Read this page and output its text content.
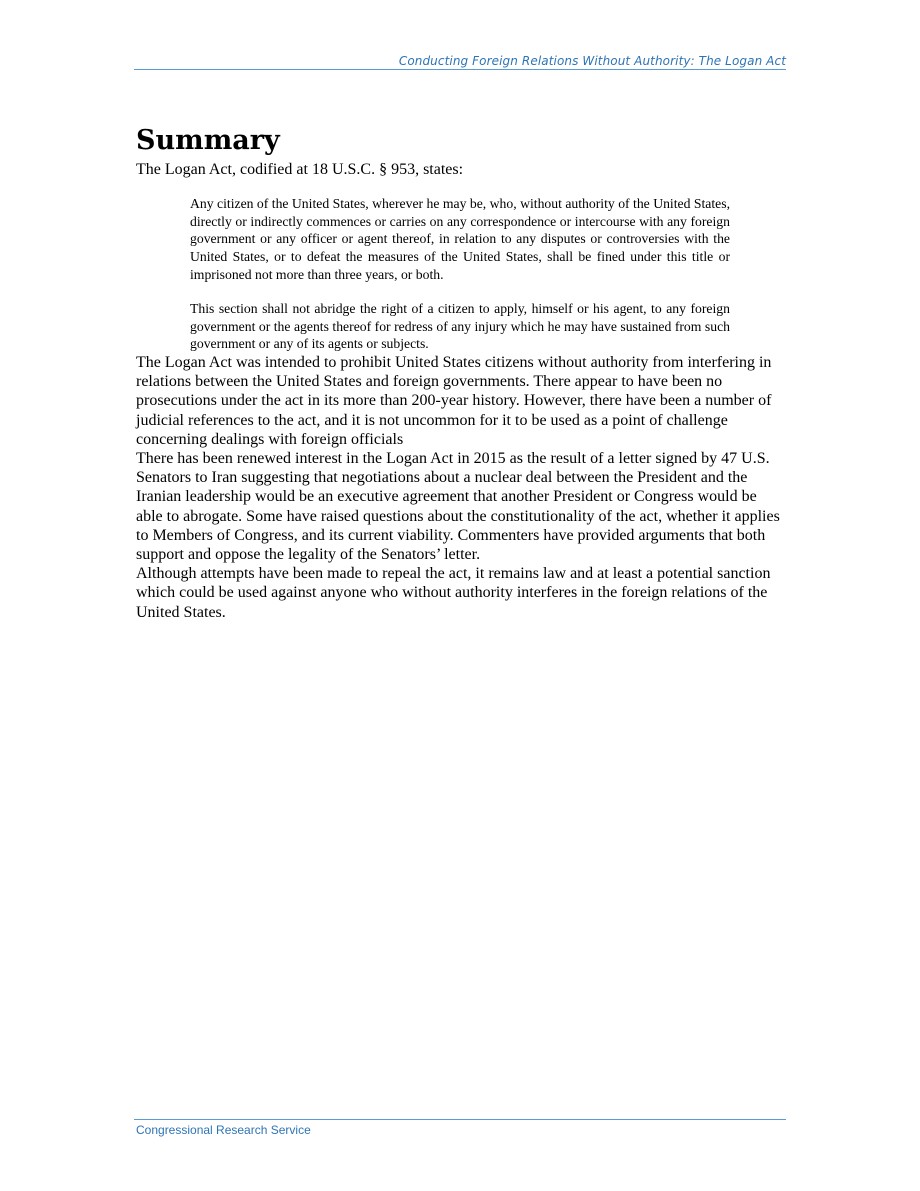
Conducting Foreign Relations Without Authority: The Logan Act
Summary

The Logan Act, codified at 18 U.S.C. § 953, states:

Any citizen of the United States, wherever he may be, who, without authority of the United States, directly or indirectly commences or carries on any correspondence or intercourse with any foreign government or any officer or agent thereof, in relation to any disputes or controversies with the United States, or to defeat the measures of the United States, shall be fined under this title or imprisoned not more than three years, or both.

This section shall not abridge the right of a citizen to apply, himself or his agent, to any foreign government or the agents thereof for redress of any injury which he may have sustained from such government or any of its agents or subjects.

The Logan Act was intended to prohibit United States citizens without authority from interfering in relations between the United States and foreign governments. There appear to have been no prosecutions under the act in its more than 200-year history. However, there have been a number of judicial references to the act, and it is not uncommon for it to be used as a point of challenge concerning dealings with foreign officials

There has been renewed interest in the Logan Act in 2015 as the result of a letter signed by 47 U.S. Senators to Iran suggesting that negotiations about a nuclear deal between the President and the Iranian leadership would be an executive agreement that another President or Congress would be able to abrogate. Some have raised questions about the constitutionality of the act, whether it applies to Members of Congress, and its current viability. Commenters have provided arguments that both support and oppose the legality of the Senators’ letter.

Although attempts have been made to repeal the act, it remains law and at least a potential sanction which could be used against anyone who without authority interferes in the foreign relations of the United States.

Congressional Research Service
